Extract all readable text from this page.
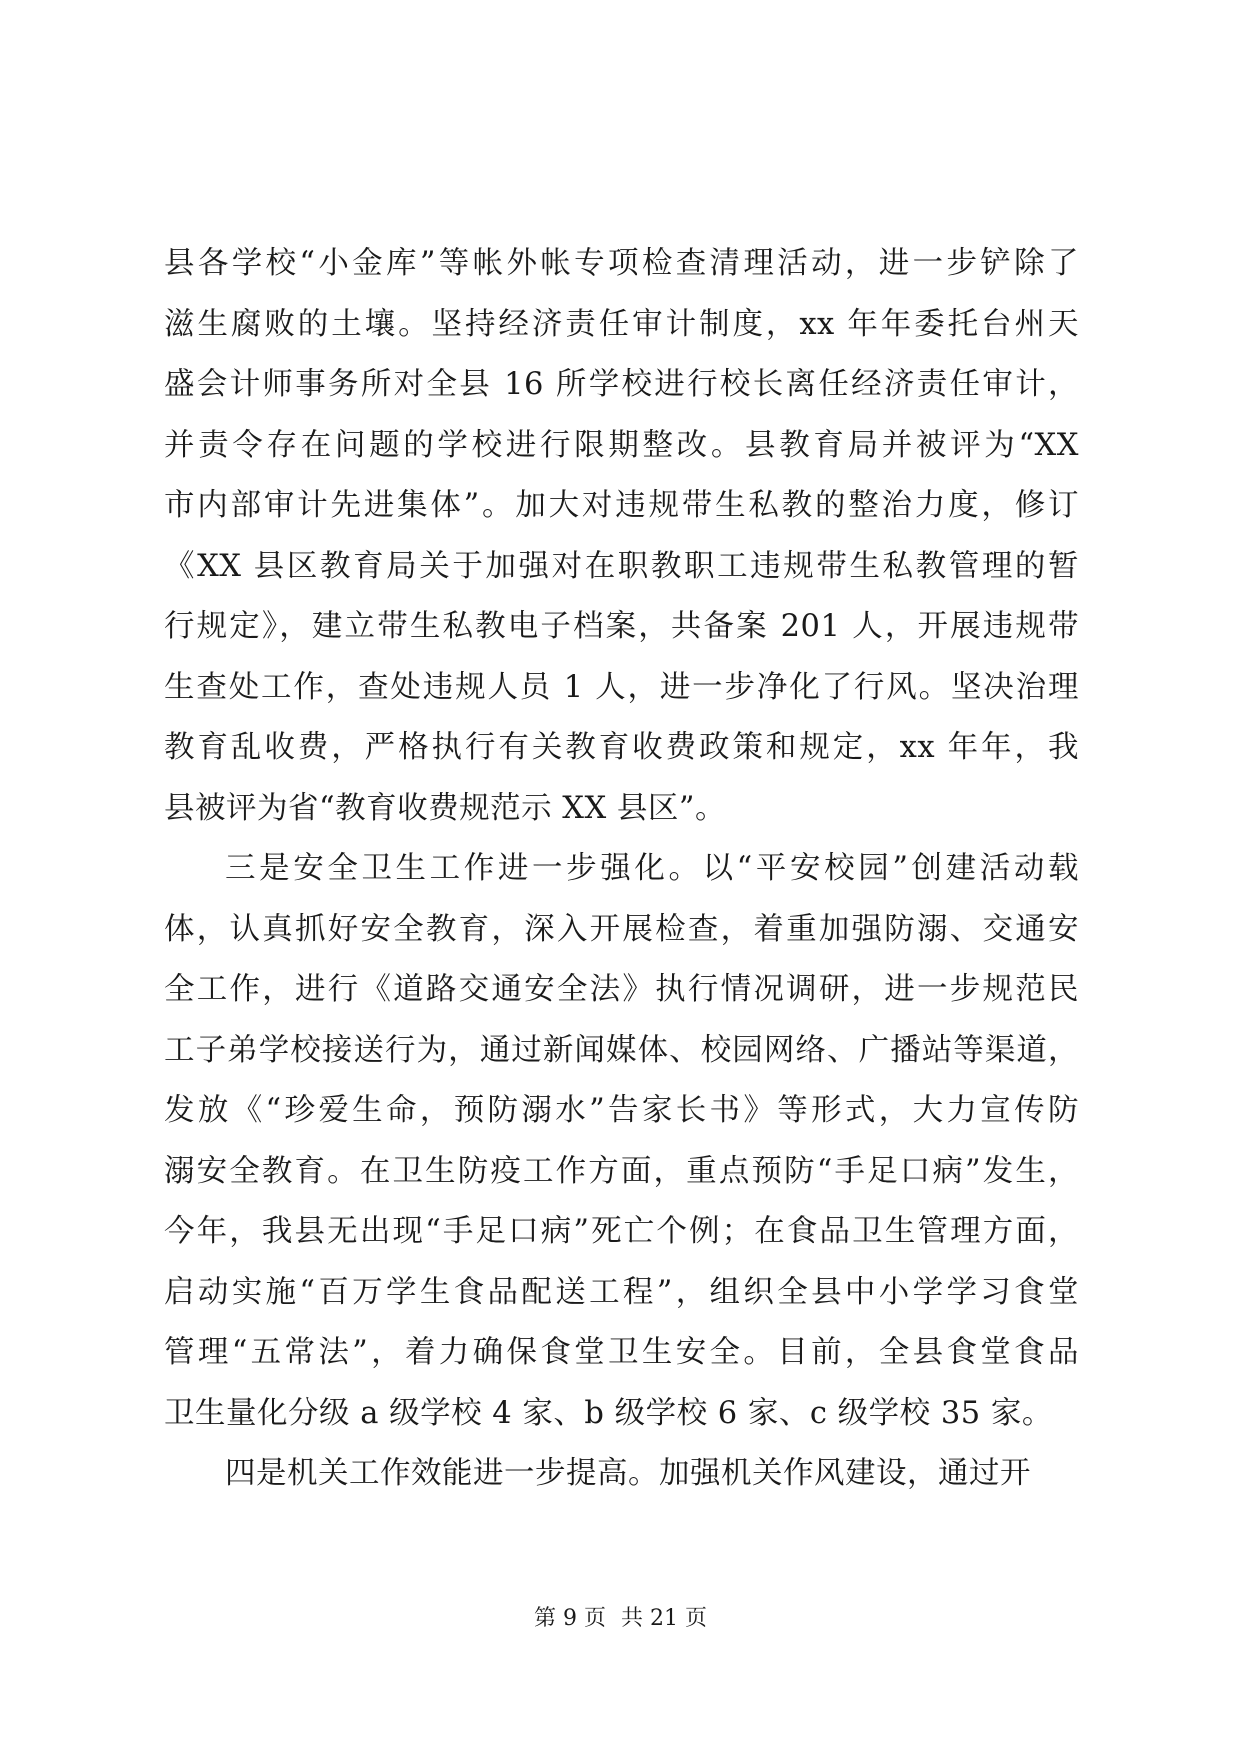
县各学校“小金库”等帐外帐专项检查清理活动，进一步铲除了

滋生腐败的土壤。坚持经济责任审计制度，xx 年年委托台州天

盛会计师事务所对全县 16 所学校进行校长离任经济责任审计，

并责令存在问题的学校进行限期整改。县教育局并被评为“XX

市内部审计先进集体”。加大对违规带生私教的整治力度，修订

《XX 县区教育局关于加强对在职教职工违规带生私教管理的暂

行规定》，建立带生私教电子档案，共备案 201 人，开展违规带

生查处工作，查处违规人员 1 人，进一步净化了行风。坚决治理

教育乱收费，严格执行有关教育收费政策和规定，xx 年年，我

县被评为省“教育收费规范示 XX 县区”。

三是安全卫生工作进一步强化。以“平安校园”创建活动载

体，认真抓好安全教育，深入开展检查，着重加强防溺、交通安

全工作，进行《道路交通安全法》执行情况调研，进一步规范民

工子弟学校接送行为，通过新闻媒体、校园网络、广播站等渠道，

发放《“珍爱生命，预防溺水”告家长书》等形式，大力宣传防

溺安全教育。在卫生防疫工作方面，重点预防“手足口病”发生，

今年，我县无出现“手足口病”死亡个例；在食品卫生管理方面，

启动实施“百万学生食品配送工程”，组织全县中小学学习食堂

管理“五常法”，着力确保食堂卫生安全。目前，全县食堂食品

卫生量化分级 a 级学校 4 家、b 级学校 6 家、c 级学校 35 家。

四是机关工作效能进一步提高。加强机关作风建设，通过开

第 9 页 共 21 页
